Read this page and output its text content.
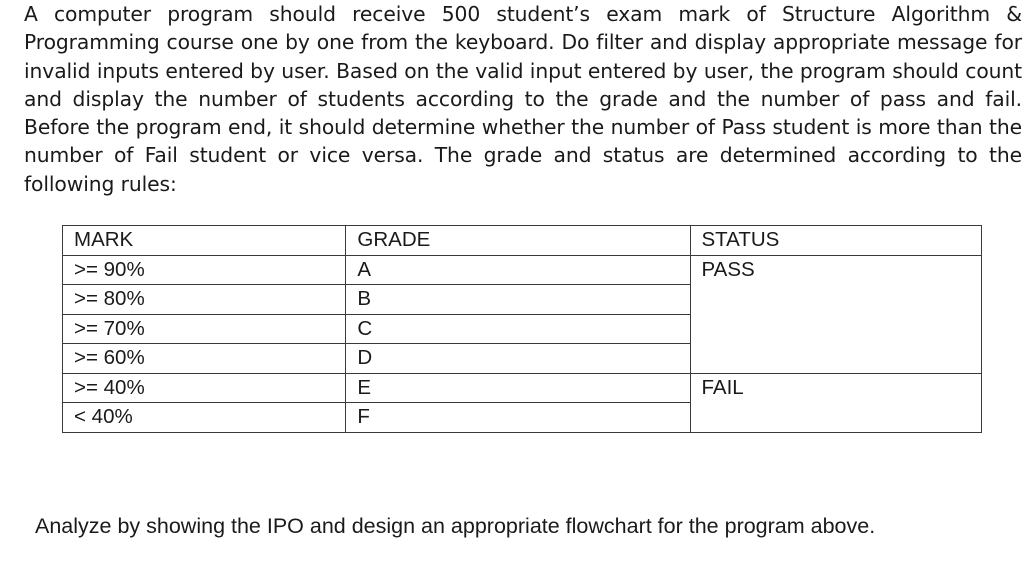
A computer program should receive 500 student’s exam mark of Structure Algorithm & Programming course one by one from the keyboard. Do filter and display appropriate message for invalid inputs entered by user. Based on the valid input entered by user, the program should count and display the number of students according to the grade and the number of pass and fail. Before the program end, it should determine whether the number of Pass student is more than the number of Fail student or vice versa. The grade and status are determined according to the following rules:

MARK	GRADE	STATUS
>= 90%	A	PASS
>= 80%	B	
>= 70%	C	
>= 60%	D	
>= 40%	E	FAIL
< 40%	F	

Analyze by showing the IPO and design an appropriate flowchart for the program above.
